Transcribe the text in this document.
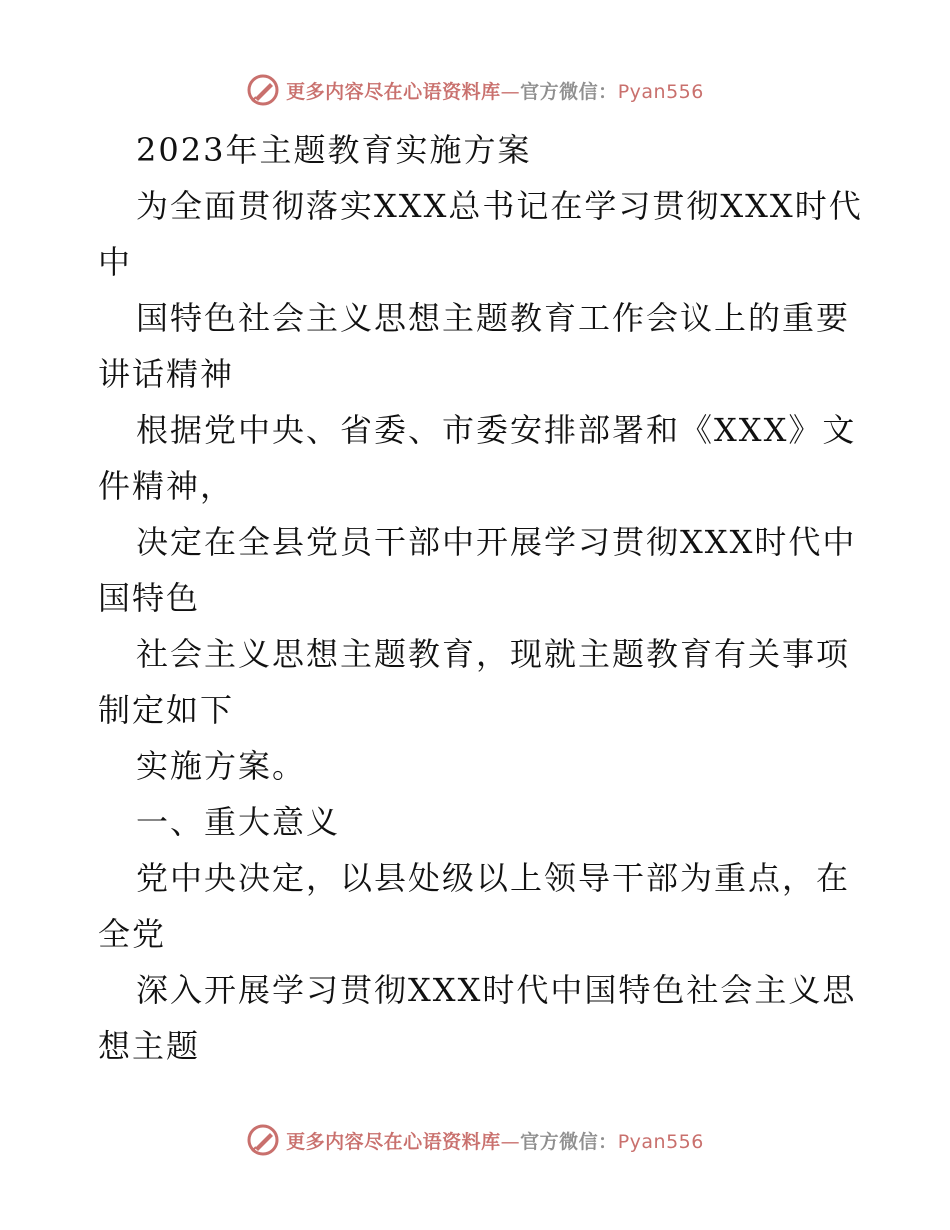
更多内容尽在心语资料库—官方微信：Pyan556
2023年主题教育实施方案
为全面贯彻落实XXX总书记在学习贯彻XXX时代
中
国特色社会主义思想主题教育工作会议上的重要
讲话精神
根据党中央、省委、市委安排部署和《XXX》文
件精神，
决定在全县党员干部中开展学习贯彻XXX时代中
国特色
社会主义思想主题教育，现就主题教育有关事项
制定如下
实施方案。
一、重大意义
党中央决定，以县处级以上领导干部为重点，在
全党
深入开展学习贯彻XXX时代中国特色社会主义思
想主题
更多内容尽在心语资料库—官方微信：Pyan556
